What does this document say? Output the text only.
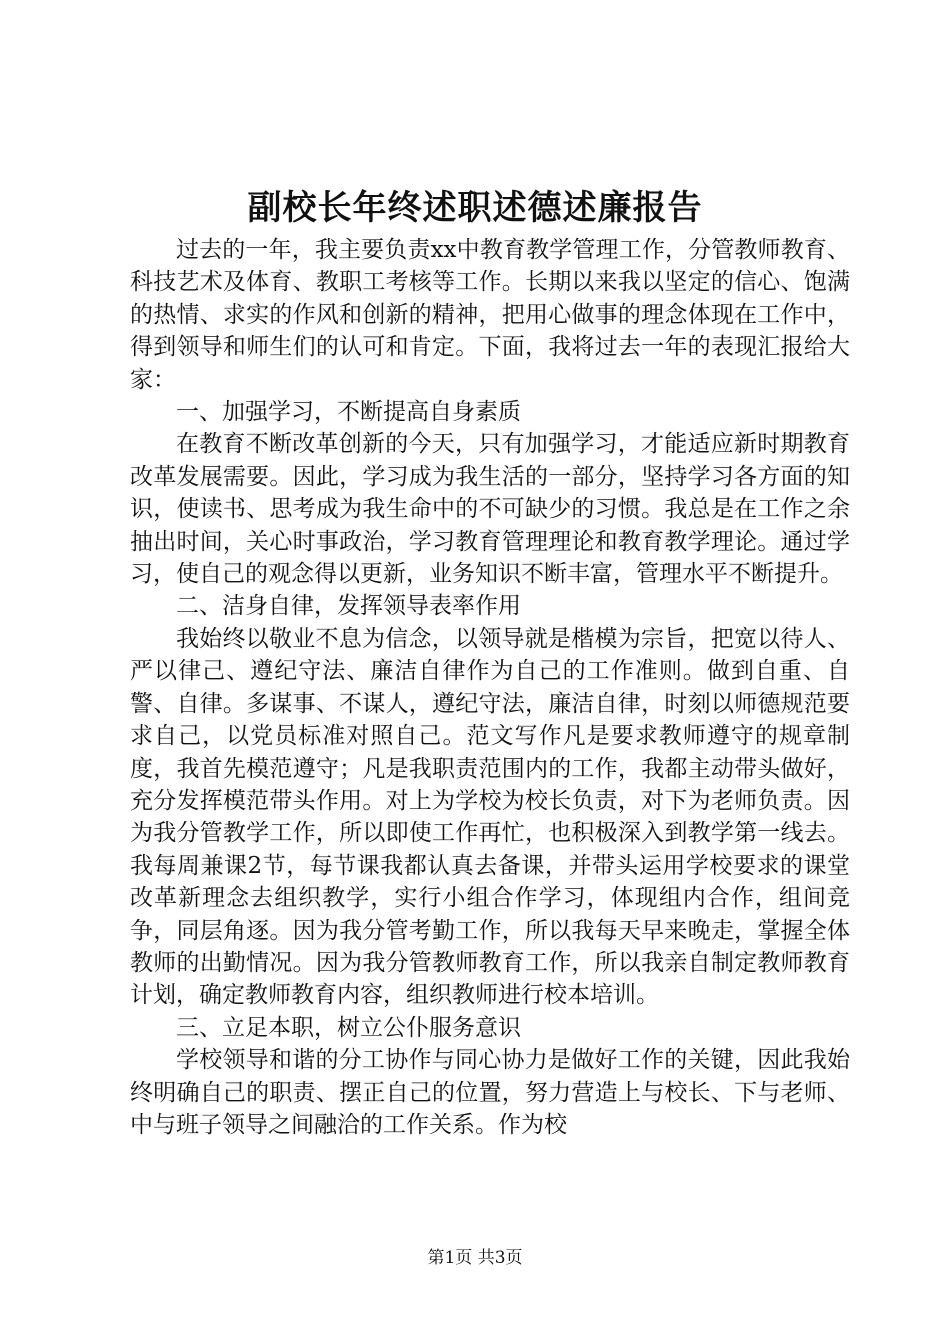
副校长年终述职述德述廉报告

过去的一年，我主要负责xx中教育教学管理工作，分管教师教育、科技艺术及体育、教职工考核等工作。长期以来我以坚定的信心、饱满的热情、求实的作风和创新的精神，把用心做事的理念体现在工作中，得到领导和师生们的认可和肯定。下面，我将过去一年的表现汇报给大家：

一、加强学习，不断提高自身素质

在教育不断改革创新的今天，只有加强学习，才能适应新时期教育改革发展需要。因此，学习成为我生活的一部分，坚持学习各方面的知识，使读书、思考成为我生命中的不可缺少的习惯。我总是在工作之余抽出时间，关心时事政治，学习教育管理理论和教育教学理论。通过学习，使自己的观念得以更新，业务知识不断丰富，管理水平不断提升。

二、洁身自律，发挥领导表率作用

我始终以敬业不息为信念，以领导就是楷模为宗旨，把宽以待人、严以律己、遵纪守法、廉洁自律作为自己的工作准则。做到自重、自警、自律。多谋事、不谋人，遵纪守法，廉洁自律，时刻以师德规范要求自己，以党员标准对照自己。范文写作凡是要求教师遵守的规章制度，我首先模范遵守；凡是我职责范围内的工作，我都主动带头做好，充分发挥模范带头作用。对上为学校为校长负责，对下为老师负责。因为我分管教学工作，所以即使工作再忙，也积极深入到教学第一线去。我每周兼课2节，每节课我都认真去备课，并带头运用学校要求的课堂改革新理念去组织教学，实行小组合作学习，体现组内合作，组间竞争，同层角逐。因为我分管考勤工作，所以我每天早来晚走，掌握全体教师的出勤情况。因为我分管教师教育工作，所以我亲自制定教师教育计划，确定教师教育内容，组织教师进行校本培训。

三、立足本职，树立公仆服务意识

学校领导和谐的分工协作与同心协力是做好工作的关键，因此我始终明确自己的职责、摆正自己的位置，努力营造上与校长、下与老师、中与班子领导之间融洽的工作关系。作为校

第1页 共3页
